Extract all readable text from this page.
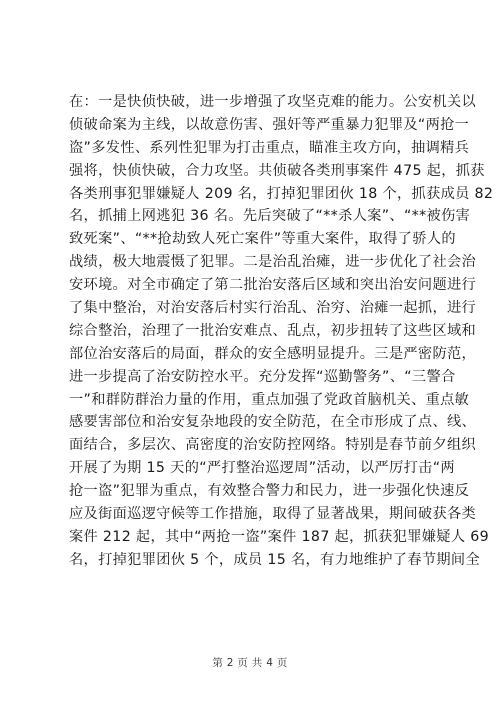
在：一是快侦快破，进一步增强了攻坚克难的能力。公安机关以
侦破命案为主线，以故意伤害、强奸等严重暴力犯罪及“两抢一
盗”多发性、系列性犯罪为打击重点，瞄准主攻方向，抽调精兵
强将，快侦快破，合力攻坚。共侦破各类刑事案件 475 起，抓获
各类刑事犯罪嫌疑人 209 名，打掉犯罪团伙 18 个，抓获成员 82
名，抓捕上网逃犯 36 名。先后突破了“**杀人案”、“**被伤害
致死案”、“**抢劫致人死亡案件”等重大案件，取得了骄人的
战绩，极大地震慑了犯罪。二是治乱治瘫，进一步优化了社会治
安环境。对全市确定了第二批治安落后区域和突出治安问题进行
了集中整治，对治安落后村实行治乱、治穷、治瘫一起抓，进行
综合整治，治理了一批治安难点、乱点，初步扭转了这些区域和
部位治安落后的局面，群众的安全感明显提升。三是严密防范，
进一步提高了治安防控水平。充分发挥“巡勤警务”、“三警合
一”和群防群治力量的作用，重点加强了党政首脑机关、重点敏
感要害部位和治安复杂地段的安全防范，在全市形成了点、线、
面结合，多层次、高密度的治安防控网络。特别是春节前夕组织
开展了为期 15 天的“严打整治巡逻周”活动，以严厉打击“两
抢一盗”犯罪为重点，有效整合警力和民力，进一步强化快速反
应及街面巡逻守候等工作措施，取得了显著战果，期间破获各类
案件 212 起，其中“两抢一盗”案件 187 起，抓获犯罪嫌疑人 69
名，打掉犯罪团伙 5 个，成员 15 名，有力地维护了春节期间全
第 2 页 共 4 页
